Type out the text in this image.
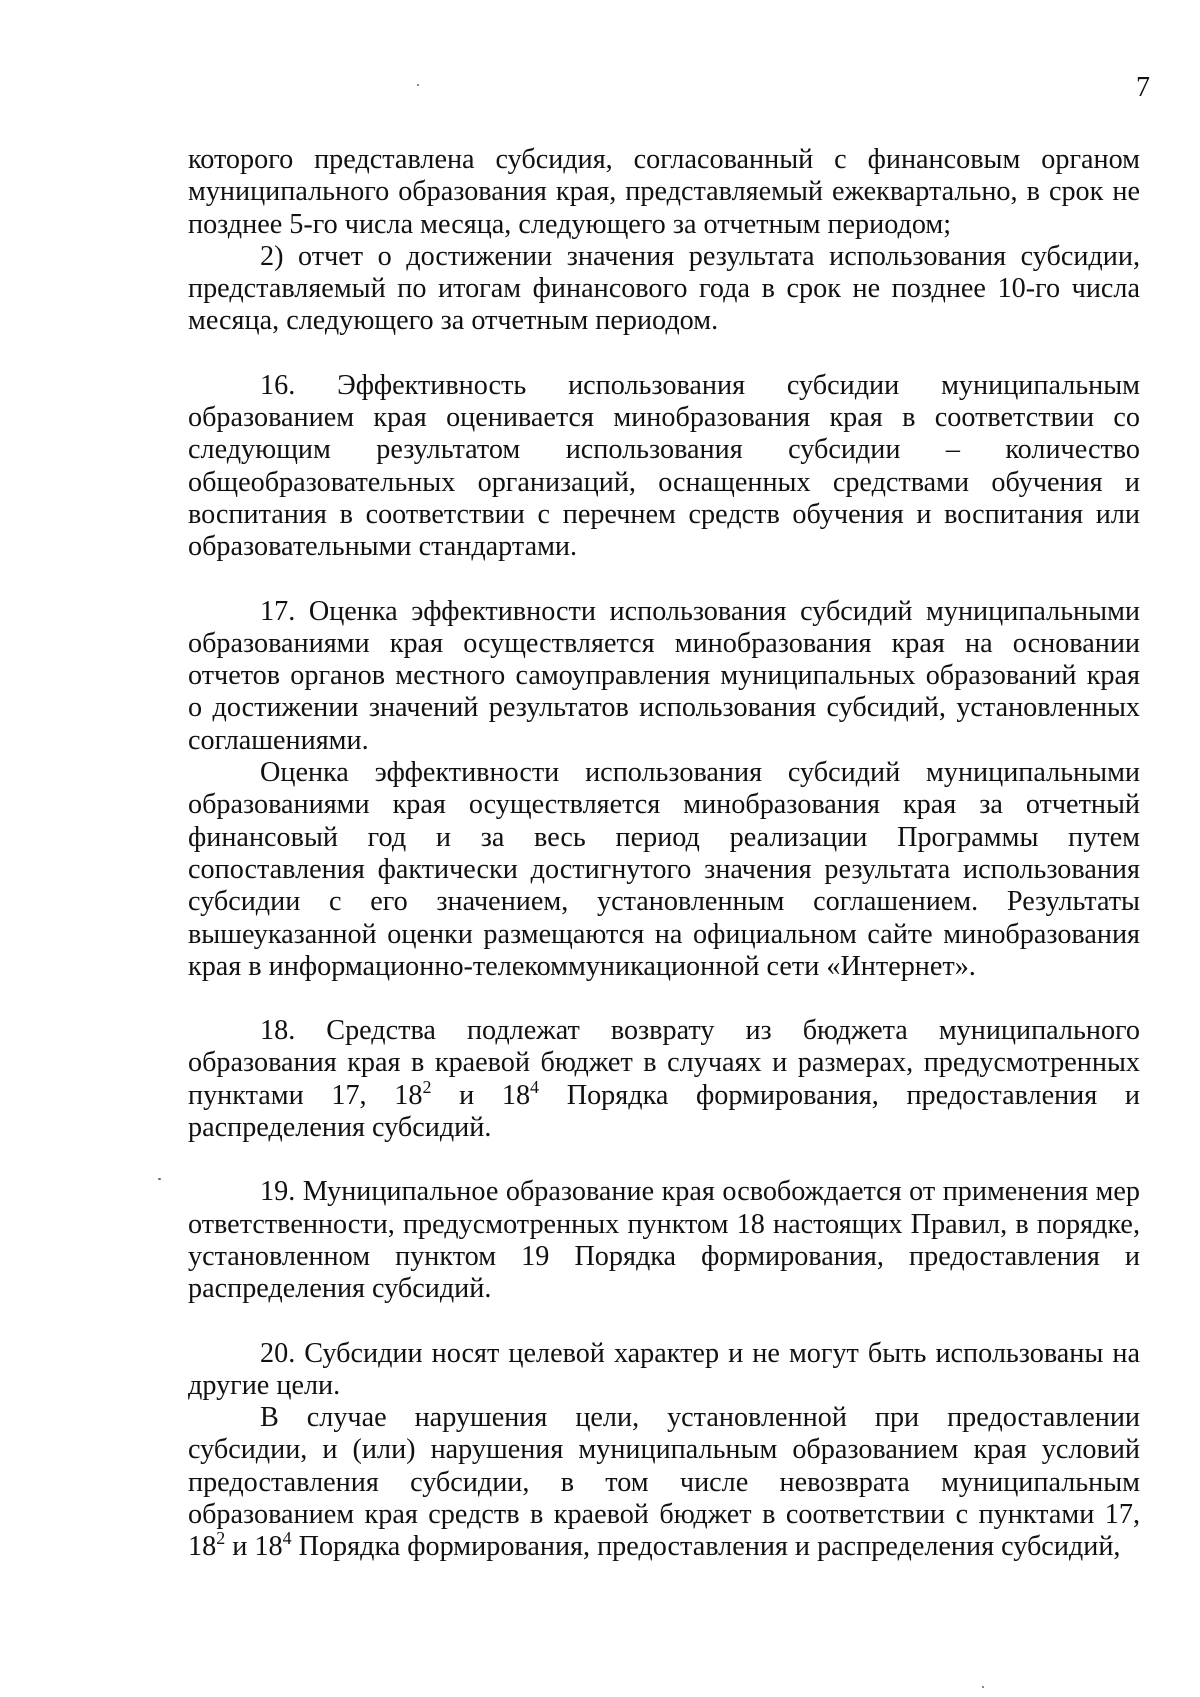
7

которого представлена субсидия, согласованный с финансовым органом муниципального образования края, представляемый ежеквартально, в срок не позднее 5-го числа месяца, следующего за отчетным периодом;

2) отчет о достижении значения результата использования субсидии, представляемый по итогам финансового года в срок не позднее 10-го числа месяца, следующего за отчетным периодом.

16. Эффективность использования субсидии муниципальным образованием края оценивается минобразования края в соответствии со следующим результатом использования субсидии – количество общеобразовательных организаций, оснащенных средствами обучения и воспитания в соответствии с перечнем средств обучения и воспитания или образовательными стандартами.

17. Оценка эффективности использования субсидий муниципальными образованиями края осуществляется минобразования края на основании отчетов органов местного самоуправления муниципальных образований края о достижении значений результатов использования субсидий, установленных соглашениями.

Оценка эффективности использования субсидий муниципальными образованиями края осуществляется минобразования края за отчетный финансовый год и за весь период реализации Программы путем сопоставления фактически достигнутого значения результата использования субсидии с его значением, установленным соглашением. Результаты вышеуказанной оценки размещаются на официальном сайте минобразования края в информационно-телекоммуникационной сети «Интернет».

18. Средства подлежат возврату из бюджета муниципального образования края в краевой бюджет в случаях и размерах, предусмотренных пунктами 17, $18^2$ и $18^4$ Порядка формирования, предоставления и распределения субсидий.

19. Муниципальное образование края освобождается от применения мер ответственности, предусмотренных пунктом 18 настоящих Правил, в порядке, установленном пунктом 19 Порядка формирования, предоставления и распределения субсидий.

20. Субсидии носят целевой характер и не могут быть использованы на другие цели.

В случае нарушения цели, установленной при предоставлении субсидии, и (или) нарушения муниципальным образованием края условий предоставления субсидии, в том числе невозврата муниципальным образованием края средств в краевой бюджет в соответствии с пунктами 17, $18^2$ и $18^4$ Порядка формирования, предоставления и распределения субсидий,
